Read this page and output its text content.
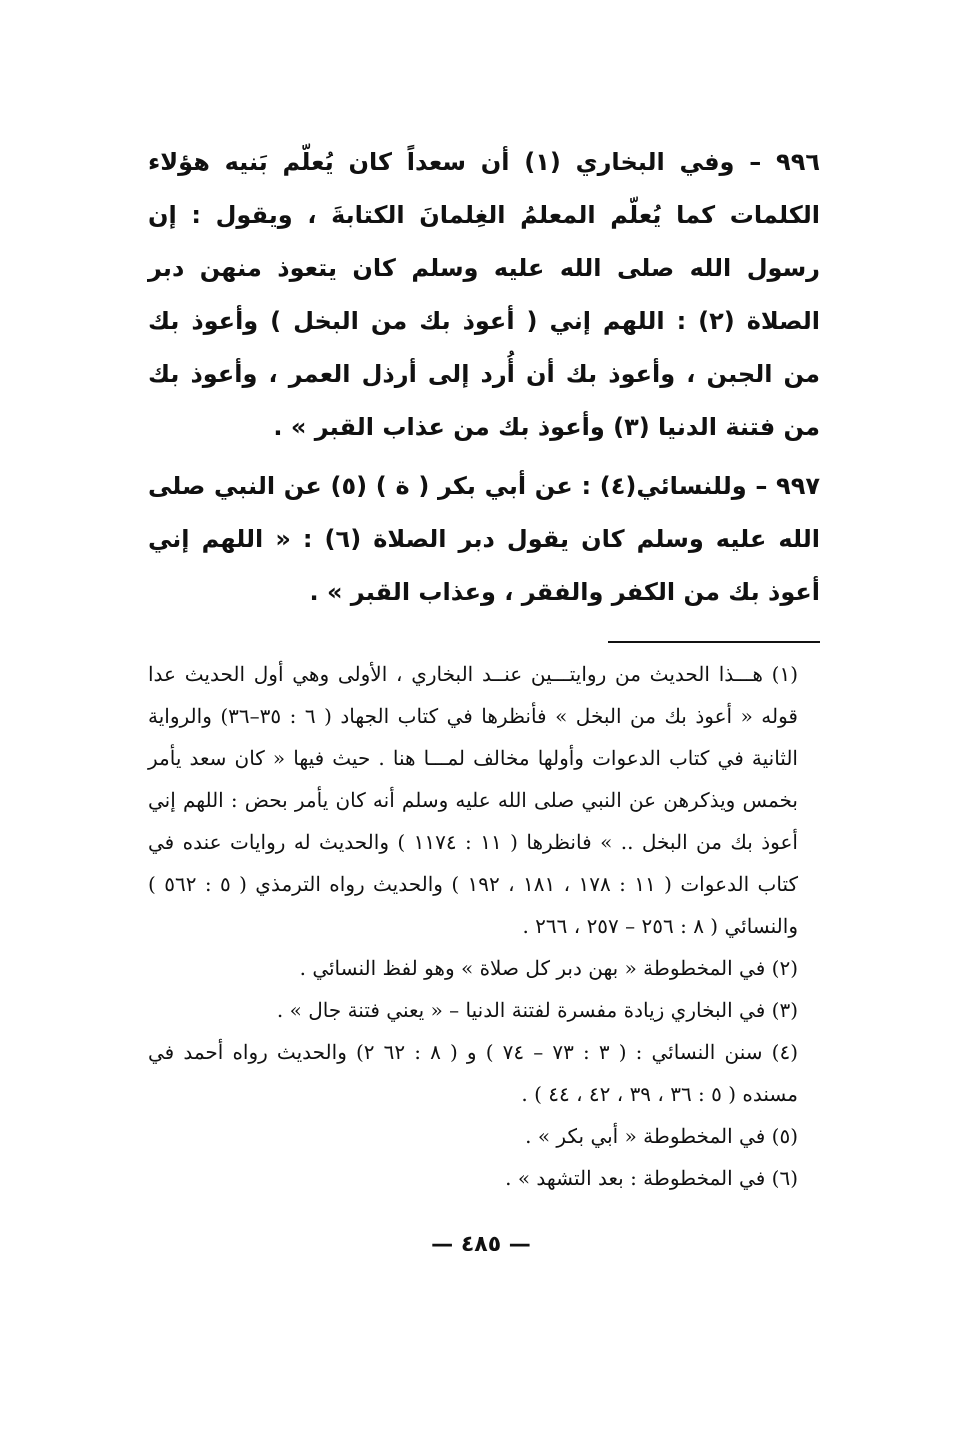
٩٩٦ – وفي البخاري (١) أن سعداً كان يُعلّم بَنيه هؤلاء الكلمات كما يُعلّم المعلمُ الغِلمانَ الكتابةَ ، ويقول : إن رسول الله صلى الله عليه وسلم كان يتعوذ منهن دبر الصلاة (٢) : اللهم إني ( أعوذ بك من البخل ) وأعوذ بك من الجبن ، وأعوذ بك أن أُرد إلى أرذل العمر ، وأعوذ بك من فتنة الدنيا (٣) وأعوذ بك من عذاب القبر » .

٩٩٧ – وللنسائي(٤) : عن أبي بكر ( ة ) (٥) عن النبي صلى الله عليه وسلم كان يقول دبر الصلاة (٦) : « اللهم إني أعوذ بك من الكفر والفقر ، وعذاب القبر » .

(١) هـــذا الحديث من روايتـــين عنــد البخاري ، الأولى وهي أول الحديث عدا قوله « أعوذ بك من البخل » فأنظرها في كتاب الجهاد ( ٦ : ٣٥–٣٦) والرواية الثانية في كتاب الدعوات وأولها مخالف لمـــا هنا . حيث فيها « كان سعد يأمر بخمس ويذكرهن عن النبي صلى الله عليه وسلم أنه كان يأمر بحض : اللهم إني أعوذ بك من البخل .. » فانظرها ( ١١ : ١١٧٤ ) والحديث له روايات عنده في كتاب الدعوات ( ١١ : ١٧٨ ، ١٨١ ، ١٩٢ ) والحديث رواه الترمذي ( ٥ : ٥٦٢ ) والنسائي ( ٨ : ٢٥٦ – ٢٥٧ ، ٢٦٦ .

(٢) في المخطوطة « بهن دبر كل صلاة » وهو لفظ النسائي .

(٣) في البخاري زيادة مفسرة لفتنة الدنيا – « يعني فتنة جال » .

(٤) سنن النسائي : ( ٣ : ٧٣ – ٧٤ ) و ( ٨ : ٦٢ ٢) والحديث رواه أحمد في مسنده ( ٥ : ٣٦ ، ٣٩ ، ٤٢ ، ٤٤ ) .

(٥) في المخطوطة « أبي بكر » .

(٦) في المخطوطة : بعد التشهد » .

— ٤٨٥ —
